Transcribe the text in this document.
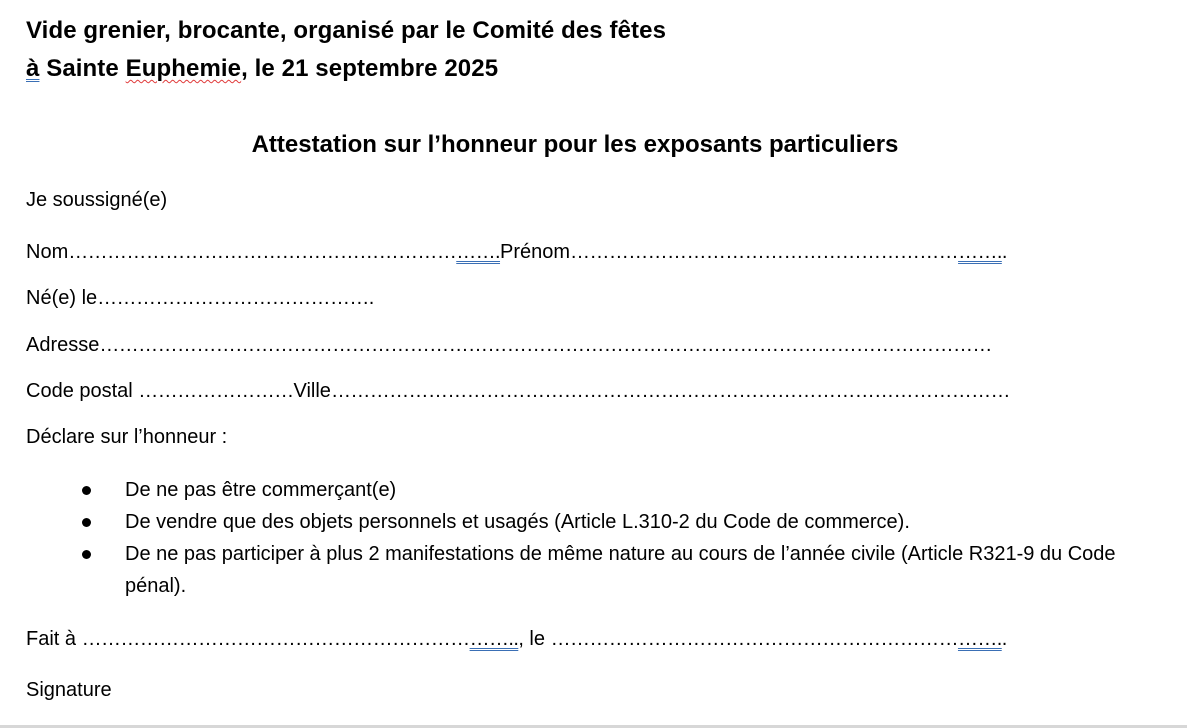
Vide grenier, brocante, organisé par le Comité des fêtes
à Sainte Euphemie, le 21 septembre 2025
Attestation sur l’honneur pour les exposants particuliers
Je soussigné(e)
Nom………………………………………………………….Prénom…………………………………………………………..
Né(e) le…………………………………….
Adresse…………………………………………………………………………………………………………………………
Code postal ……………………Ville……………………………………………………………………………………………
Déclare sur l’honneur :
De ne pas être commerçant(e)
De vendre que des objets personnels et usagés (Article L.310-2 du Code de commerce).
De ne pas participer à plus 2 manifestations de même nature au cours de l’année civile (Article R321-9 du Code pénal).
Fait à ………………………………………………………….., le ……………………………………………………………..
Signature
